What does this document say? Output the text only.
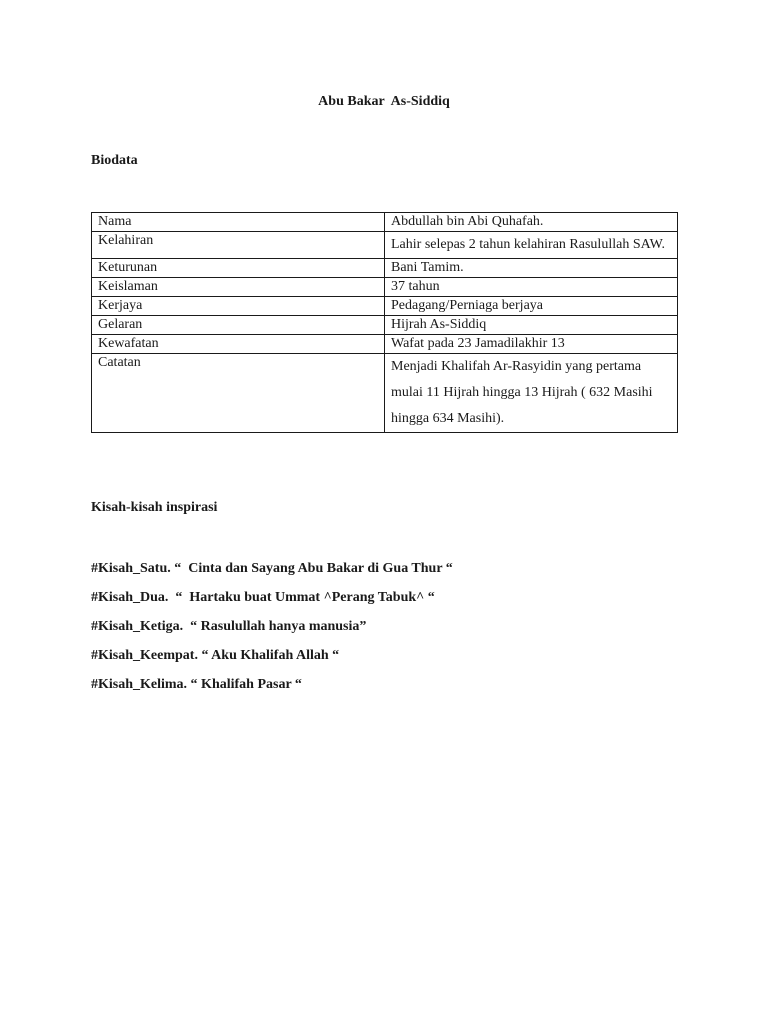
Abu Bakar  As-Siddiq
Biodata
Nama	Abdullah bin Abi Quhafah.
Kelahiran	Lahir selepas 2 tahun kelahiran Rasulullah SAW.
Keturunan	Bani Tamim.
Keislaman	37 tahun
Kerjaya	Pedagang/Perniaga berjaya
Gelaran	Hijrah As-Siddiq
Kewafatan	Wafat pada 23 Jamadilakhir 13
Catatan	Menjadi Khalifah Ar-Rasyidin yang pertama mulai 11 Hijrah hingga 13 Hijrah ( 632 Masihi hingga 634 Masihi).
Kisah-kisah inspirasi
#Kisah_Satu. “  Cinta dan Sayang Abu Bakar di Gua Thur “
#Kisah_Dua.  “  Hartaku buat Ummat ^Perang Tabuk^ “
#Kisah_Ketiga.  “ Rasulullah hanya manusia”
#Kisah_Keempat. “ Aku Khalifah Allah “
#Kisah_Kelima. “ Khalifah Pasar “
